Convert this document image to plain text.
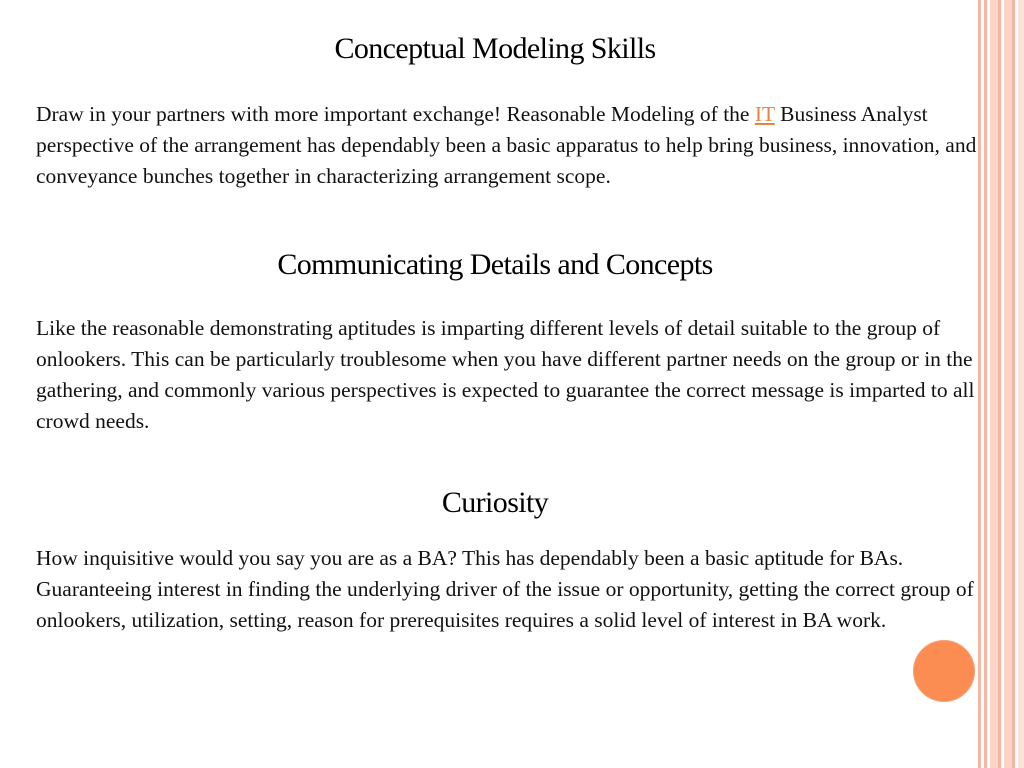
Conceptual Modeling Skills

Draw in your partners with more important exchange! Reasonable Modeling of the IT Business Analyst perspective of the arrangement has dependably been a basic apparatus to help bring business, innovation, and conveyance bunches together in characterizing arrangement scope.

Communicating Details and Concepts

Like the reasonable demonstrating aptitudes is imparting different levels of detail suitable to the group of onlookers. This can be particularly troublesome when you have different partner needs on the group or in the gathering, and commonly various perspectives is expected to guarantee the correct message is imparted to all crowd needs.

Curiosity

How inquisitive would you say you are as a BA? This has dependably been a basic aptitude for BAs. Guaranteeing interest in finding the underlying driver of the issue or opportunity, getting the correct group of onlookers, utilization, setting, reason for prerequisites requires a solid level of interest in BA work.
